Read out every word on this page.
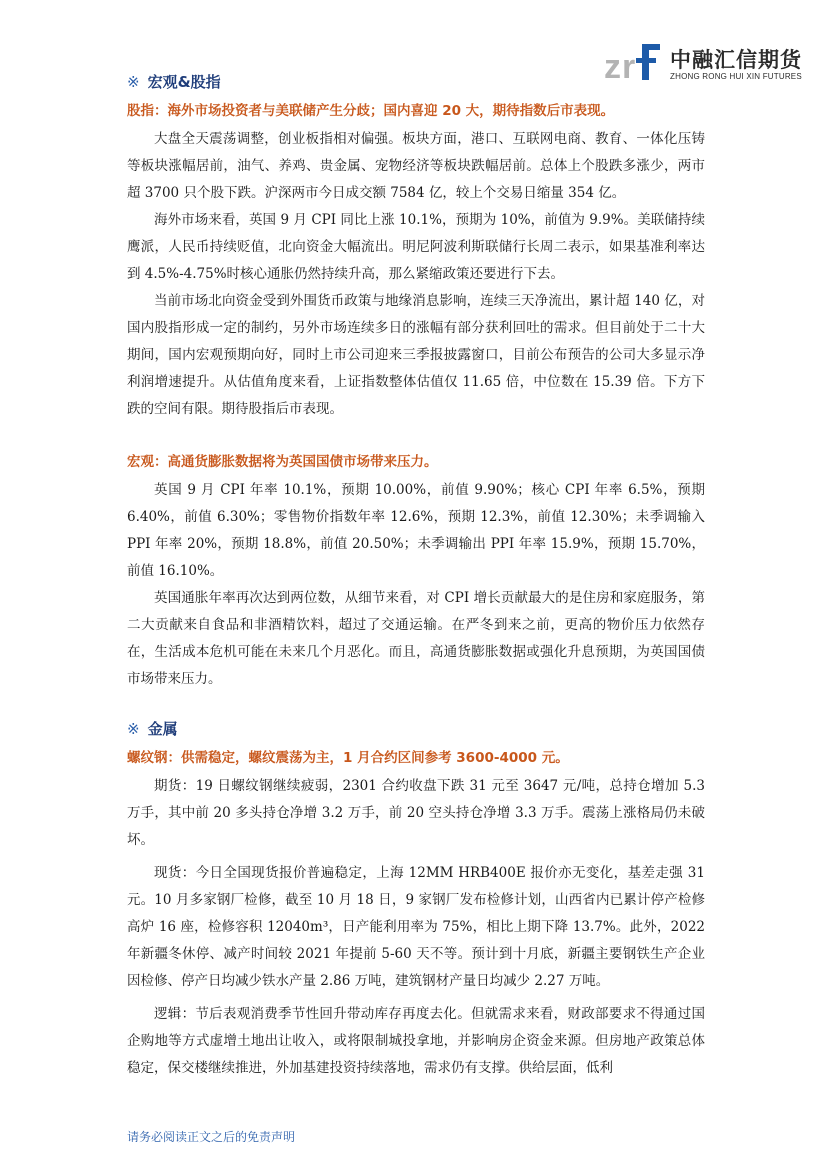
z r 中融汇信期货
ZHONG RONG HUI XIN FUTURES
※ 宏观&股指
股指：海外市场投资者与美联储产生分歧；国内喜迎 20 大，期待指数后市表现。

大盘全天震荡调整，创业板指相对偏强。板块方面，港口、互联网电商、教育、一体化压铸等板块涨幅居前，油气、养鸡、贵金属、宠物经济等板块跌幅居前。总体上个股跌多涨少，两市超 3700 只个股下跌。沪深两市今日成交额 7584 亿，较上个交易日缩量 354 亿。

海外市场来看，英国 9 月 CPI 同比上涨 10.1%，预期为 10%，前值为 9.9%。美联储持续鹰派，人民币持续贬值，北向资金大幅流出。明尼阿波利斯联储行长周二表示，如果基准利率达到 4.5%-4.75%时核心通胀仍然持续升高，那么紧缩政策还要进行下去。

当前市场北向资金受到外围货币政策与地缘消息影响，连续三天净流出，累计超 140 亿，对国内股指形成一定的制约，另外市场连续多日的涨幅有部分获利回吐的需求。但目前处于二十大期间，国内宏观预期向好，同时上市公司迎来三季报披露窗口，目前公布预告的公司大多显示净利润增速提升。从估值角度来看，上证指数整体估值仅 11.65 倍，中位数在 15.39 倍。下方下跌的空间有限。期待股指后市表现。

宏观：高通货膨胀数据将为英国国债市场带来压力。

英国 9 月 CPI 年率 10.1%，预期 10.00%，前值 9.90%；核心 CPI 年率 6.5%，预期 6.40%，前值 6.30%；零售物价指数年率 12.6%，预期 12.3%，前值 12.30%；未季调输入 PPI 年率 20%，预期 18.8%，前值 20.50%；未季调输出 PPI 年率 15.9%，预期 15.70%，前值 16.10%。

英国通胀年率再次达到两位数，从细节来看，对 CPI 增长贡献最大的是住房和家庭服务，第二大贡献来自食品和非酒精饮料，超过了交通运输。在严冬到来之前，更高的物价压力依然存在，生活成本危机可能在未来几个月恶化。而且，高通货膨胀数据或强化升息预期，为英国国债市场带来压力。

※ 金属
螺纹钢：供需稳定，螺纹震荡为主，1 月合约区间参考 3600-4000 元。

期货：19 日螺纹钢继续疲弱，2301 合约收盘下跌 31 元至 3647 元/吨，总持仓增加 5.3 万手，其中前 20 多头持仓净增 3.2 万手，前 20 空头持仓净增 3.3 万手。震荡上涨格局仍未破坏。

现货：今日全国现货报价普遍稳定，上海 12MM HRB400E 报价亦无变化，基差走强 31 元。10 月多家钢厂检修，截至 10 月 18 日，9 家钢厂发布检修计划，山西省内已累计停产检修高炉 16 座，检修容积 12040m³，日产能利用率为 75%，相比上期下降 13.7%。此外，2022 年新疆冬休停、减产时间较 2021 年提前 5-60 天不等。预计到十月底，新疆主要钢铁生产企业因检修、停产日均减少铁水产量 2.86 万吨，建筑钢材产量日均减少 2.27 万吨。

逻辑：节后表观消费季节性回升带动库存再度去化。但就需求来看，财政部要求不得通过国企购地等方式虚增土地出让收入，或将限制城投拿地，并影响房企资金来源。但房地产政策总体稳定，保交楼继续推进，外加基建投资持续落地，需求仍有支撑。供给层面，低利

请务必阅读正文之后的免责声明
